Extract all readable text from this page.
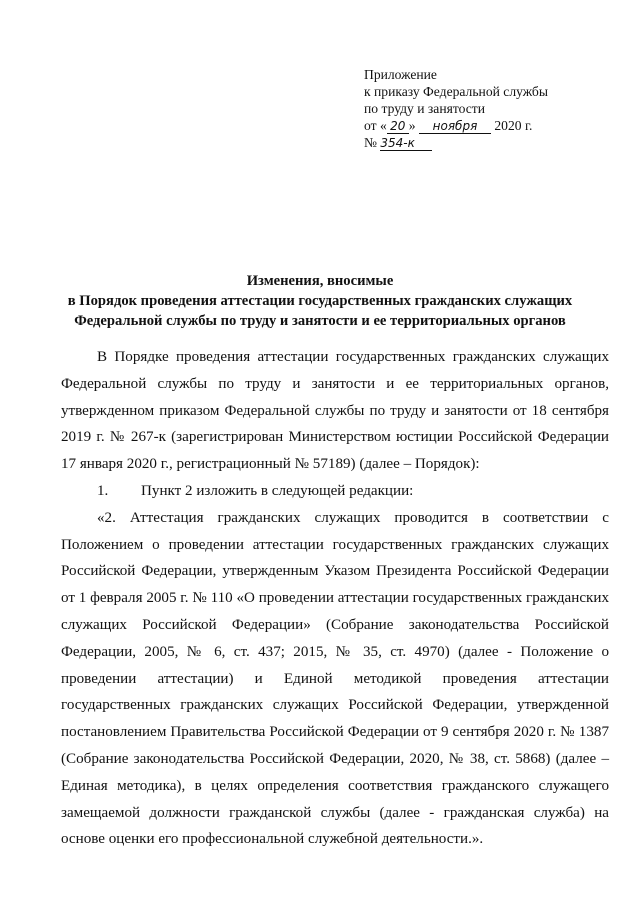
Приложение
к приказу Федеральной службы
по труду и занятости
от « 20 » ноября 2020 г.
№ 354-к
Изменения, вносимые
в Порядок проведения аттестации государственных гражданских служащих
Федеральной службы по труду и занятости и ее территориальных органов

В Порядке проведения аттестации государственных гражданских служащих Федеральной службы по труду и занятости и ее территориальных органов, утвержденном приказом Федеральной службы по труду и занятости от 18 сентября 2019 г. № 267-к (зарегистрирован Министерством юстиции Российской Федерации 17 января 2020 г., регистрационный № 57189) (далее – Порядок):

1. Пункт 2 изложить в следующей редакции:

«2. Аттестация гражданских служащих проводится в соответствии с Положением о проведении аттестации государственных гражданских служащих Российской Федерации, утвержденным Указом Президента Российской Федерации от 1 февраля 2005 г. № 110 «О проведении аттестации государственных гражданских служащих Российской Федерации» (Собрание законодательства Российской Федерации, 2005, № 6, ст. 437; 2015, № 35, ст. 4970) (далее - Положение о проведении аттестации) и Единой методикой проведения аттестации государственных гражданских служащих Российской Федерации, утвержденной постановлением Правительства Российской Федерации от 9 сентября 2020 г. № 1387 (Собрание законодательства Российской Федерации, 2020, № 38, ст. 5868) (далее – Единая методика), в целях определения соответствия гражданского служащего замещаемой должности гражданской службы (далее - гражданская служба) на основе оценки его профессиональной служебной деятельности.».
